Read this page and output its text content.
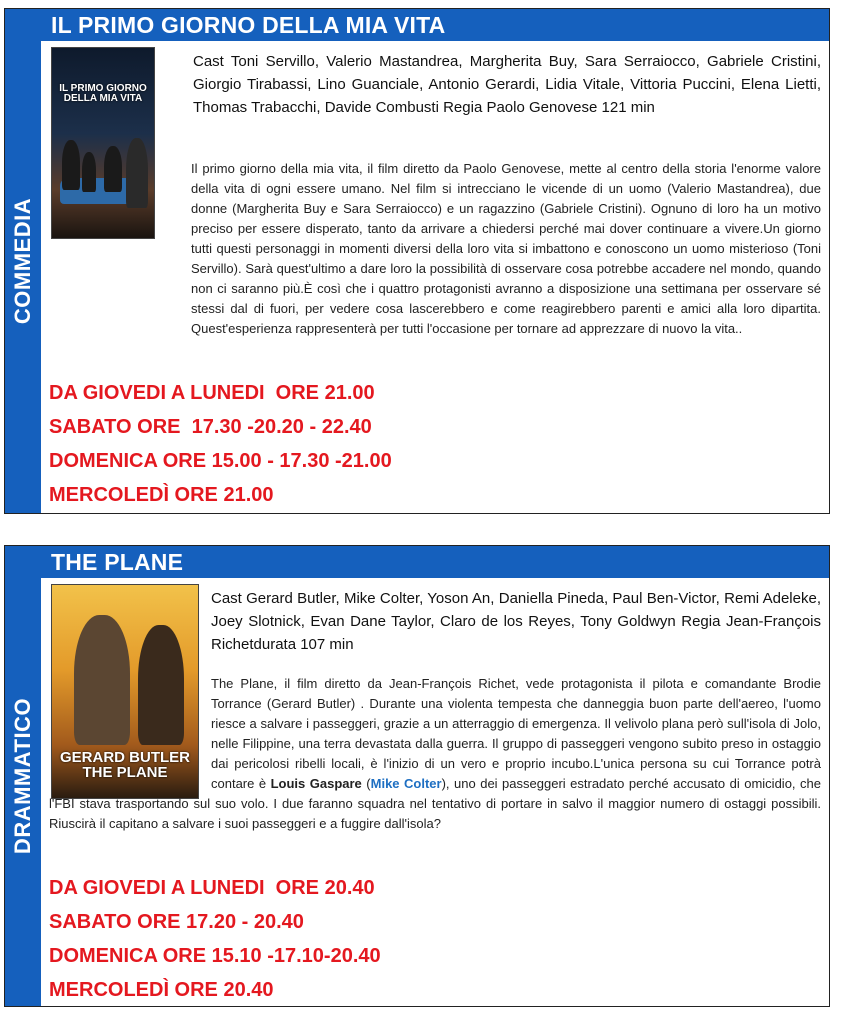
COMMEDIA
IL PRIMO GIORNO DELLA MIA VITA
IL PRIMO GIORNO DELLA MIA VITA
Cast Toni Servillo, Valerio Mastandrea, Margherita Buy, Sara Serraiocco, Gabriele Cristini, Giorgio Tirabassi, Lino Guanciale, Antonio Gerardi, Lidia Vitale, Vittoria Puccini, Elena Lietti, Thomas Trabacchi, Davide Combusti Regia Paolo Genovese 121 min
Il primo giorno della mia vita, il film diretto da Paolo Genovese, mette al centro della storia l'enorme valore della vita di ogni essere umano. Nel film si intrecciano le vicende di un uomo (Valerio Mastandrea), due donne (Margherita Buy e Sara Serraiocco) e un ragazzino (Gabriele Cristini). Ognuno di loro ha un motivo preciso per essere disperato, tanto da arrivare a chiedersi perché mai dover continuare a vivere.Un giorno tutti questi personaggi in momenti diversi della loro vita si imbattono e conoscono un uomo misterioso (Toni Servillo). Sarà quest'ultimo a dare loro la possibilità di osservare cosa potrebbe accadere nel mondo, quando non ci saranno più.È così che i quattro protagonisti avranno a disposizione una settimana per osservare sé stessi dal di fuori, per vedere cosa lascerebbero e come reagirebbero parenti e amici alla loro dipartita. Quest'esperienza rappresenterà per tutti l'occasione per tornare ad apprezzare di nuovo la vita..
DA GIOVEDI A LUNEDI  ORE 21.00
SABATO ORE  17.30 -20.20 - 22.40
DOMENICA ORE 15.00 - 17.30 -21.00
MERCOLEDÌ ORE 21.00
DRAMMATICO
THE PLANE
GERARD BUTLER THE PLANE
Cast Gerard Butler, Mike Colter, Yoson An, Daniella Pineda, Paul Ben-Victor, Remi Adeleke, Joey Slotnick, Evan Dane Taylor, Claro de los Reyes, Tony Goldwyn Regia Jean-François Richetdurata 107 min
The Plane, il film diretto da Jean-François Richet, vede protagonista il pilota e comandante Brodie Torrance (Gerard Butler) . Durante una violenta tempesta che danneggia buon parte dell'aereo, l'uomo riesce a salvare i passeggeri, grazie a un atterraggio di emergenza. Il velivolo plana però sull'isola di Jolo, nelle Filippine, una terra devastata dalla guerra. Il gruppo di passeggeri vengono subito preso in ostaggio dai pericolosi ribelli locali, è l'inizio di un vero e proprio incubo.L'unica persona su cui Torrance potrà contare è Louis Gaspare (Mike Colter), uno dei passeggeri estradato perché accusato di omicidio, che l'FBI stava trasportando sul suo volo. I due faranno squadra nel tentativo di portare in salvo il maggior numero di ostaggi possibili. Riuscirà il capitano a salvare i suoi passeggeri e a fuggire dall'isola?
DA GIOVEDI A LUNEDI  ORE 20.40
SABATO ORE 17.20 - 20.40
DOMENICA ORE 15.10 -17.10-20.40
MERCOLEDÌ ORE 20.40
